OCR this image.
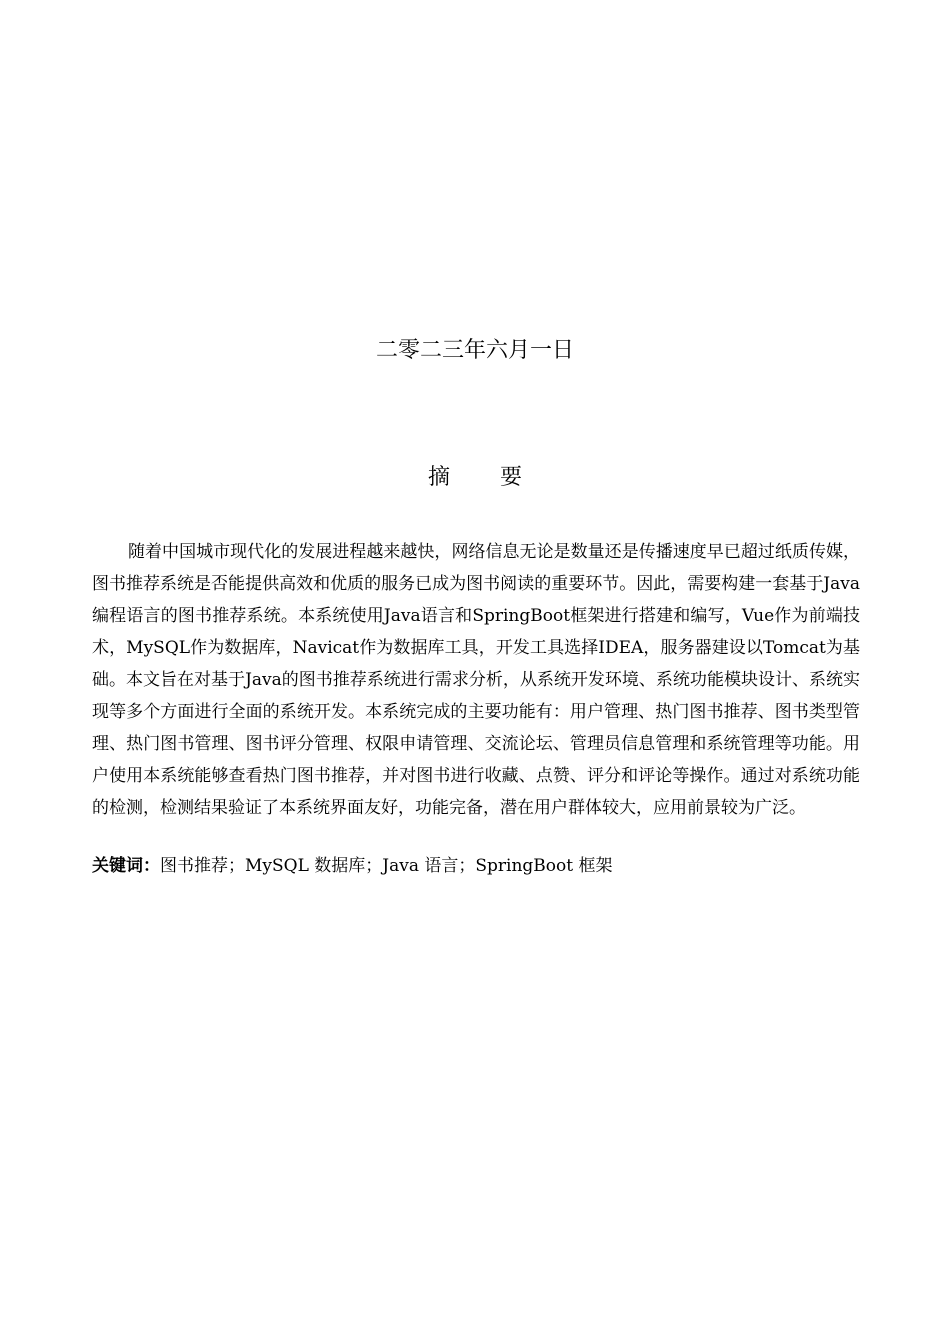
二零二三年六月一日
摘 要

随着中国城市现代化的发展进程越来越快，网络信息无论是数量还是传播速度早已超过纸质传媒，图书推荐系统是否能提供高效和优质的服务已成为图书阅读的重要环节。因此，需要构建一套基于Java编程语言的图书推荐系统。本系统使用Java语言和SpringBoot框架进行搭建和编写，Vue作为前端技术，MySQL作为数据库，Navicat作为数据库工具，开发工具选择IDEA，服务器建设以Tomcat为基础。本文旨在对基于Java的图书推荐系统进行需求分析，从系统开发环境、系统功能模块设计、系统实现等多个方面进行全面的系统开发。本系统完成的主要功能有：用户管理、热门图书推荐、图书类型管理、热门图书管理、图书评分管理、权限申请管理、交流论坛、管理员信息管理和系统管理等功能。用户使用本系统能够查看热门图书推荐，并对图书进行收藏、点赞、评分和评论等操作。通过对系统功能的检测，检测结果验证了本系统界面友好，功能完备，潜在用户群体较大，应用前景较为广泛。

关键词：图书推荐；MySQL 数据库；Java 语言；SpringBoot 框架
